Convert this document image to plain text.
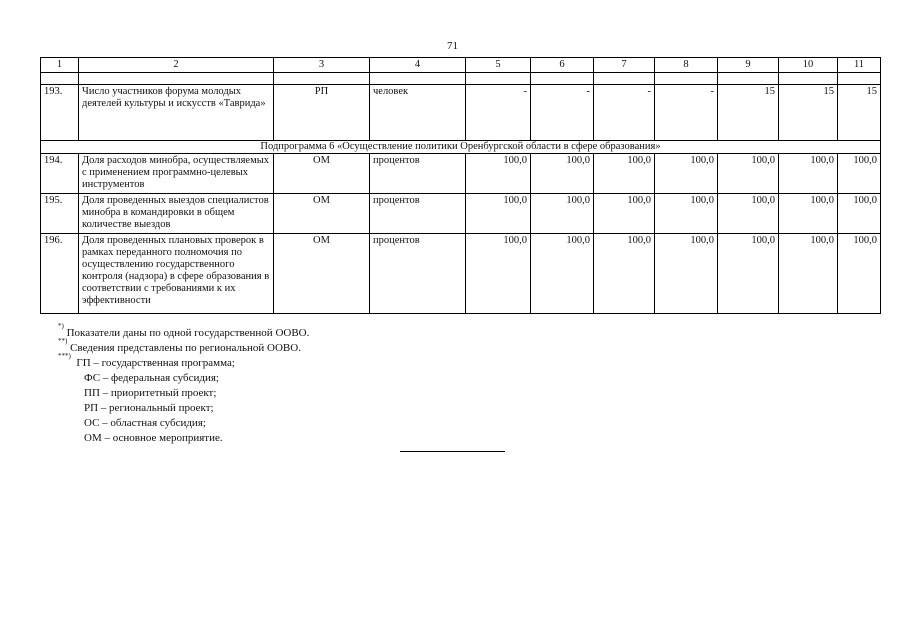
71
1	2	3	4	5	6	7	8	9	10	11

193.	Число участников форума молодых деятелей культуры и искусств «Таврида»	РП	человек	-	-	-	-	15	15	15
Подпрограмма 6 «Осуществление политики Оренбургской области в сфере образования»										
194.	Доля расходов минобра, осуществляемых с применением программно-целевых инструментов	ОМ	процентов	100,0	100,0	100,0	100,0	100,0	100,0	100,0
195.	Доля проведенных выездов специалистов минобра в командировки в общем количестве выездов	ОМ	процентов	100,0	100,0	100,0	100,0	100,0	100,0	100,0
196.	Доля проведенных плановых проверок в рамках переданного полномочия по осуществлению государственного контроля (надзора) в сфере образования в соответствии с требованиями к их эффективности	ОМ	процентов	100,0	100,0	100,0	100,0	100,0	100,0	100,0
*)

Показатели даны по одной государственной ООВО.
**)

Сведения представлены по региональной ООВО.
***)

ГП – государственная программа;
ФС – федеральная субсидия;
ПП – приоритетный проект;
РП – региональный проект;
ОС – областная субсидия;
ОМ – основное мероприятие.
